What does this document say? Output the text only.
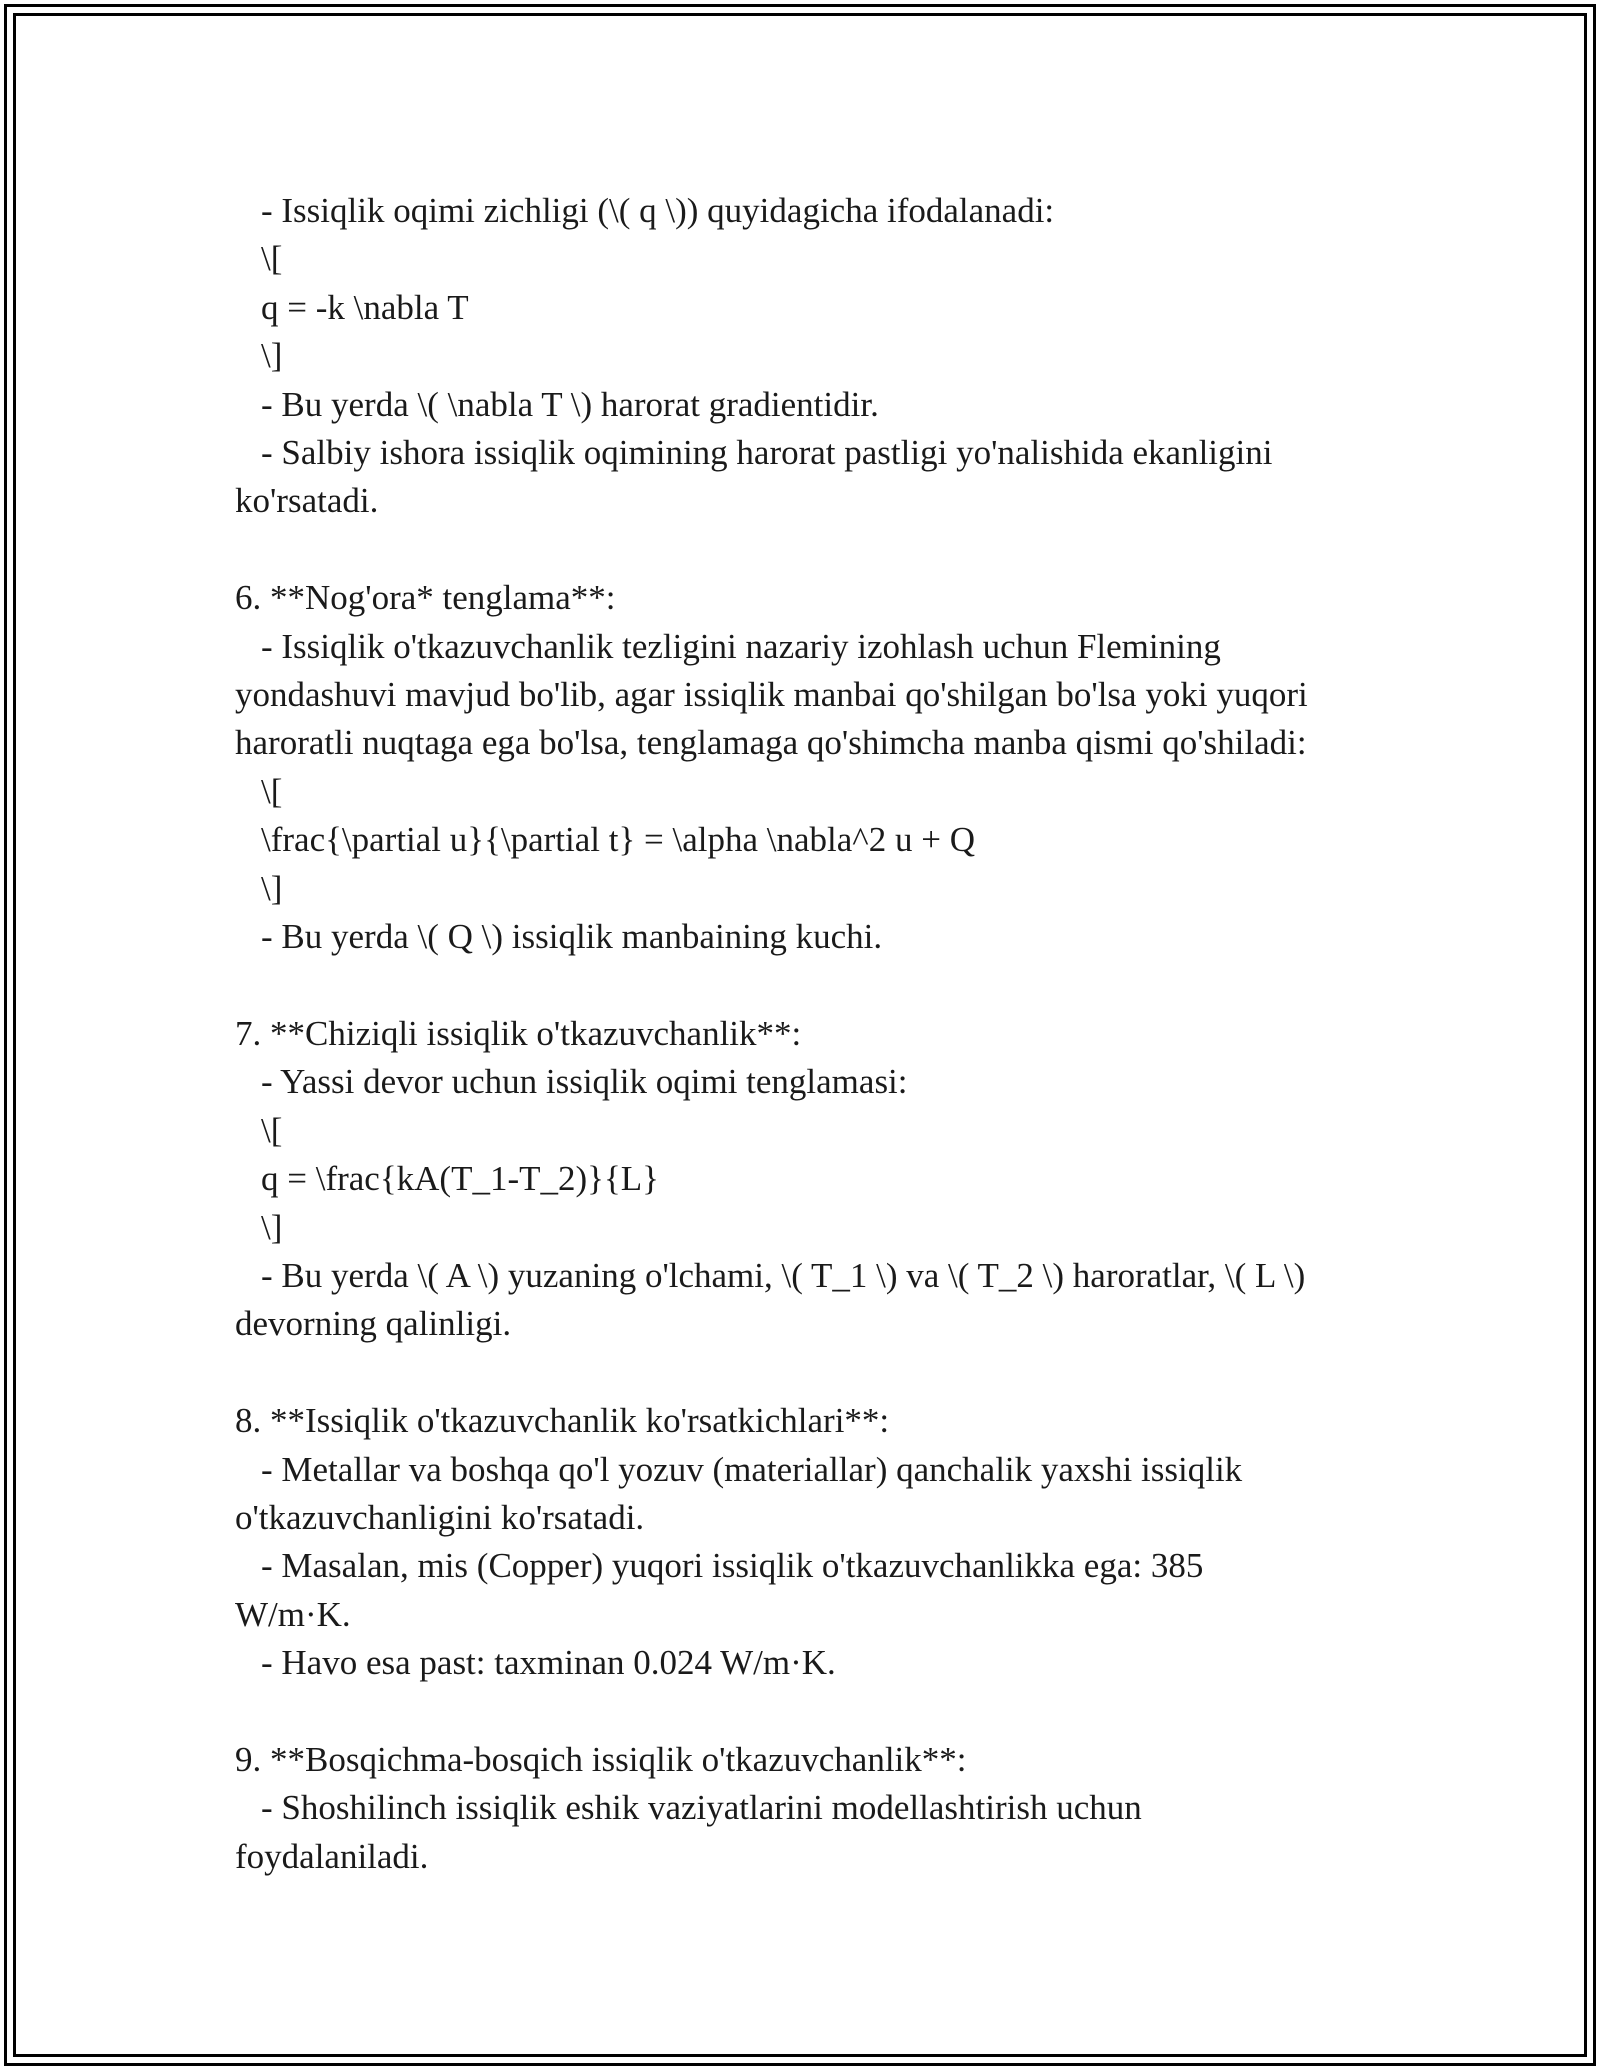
- Issiqlik oqimi zichligi (\( q \)) quyidagicha ifodalanadi:
\[
q = -k \nabla T
\]
- Bu yerda \( \nabla T \) harorat gradientidir.
- Salbiy ishora issiqlik oqimining harorat pastligi yo'nalishida ekanligini
ko'rsatadi.
6. **Nog'ora* tenglama**:
- Issiqlik o'tkazuvchanlik tezligini nazariy izohlash uchun Flemining
yondashuvi mavjud bo'lib, agar issiqlik manbai qo'shilgan bo'lsa yoki yuqori
haroratli nuqtaga ega bo'lsa, tenglamaga qo'shimcha manba qismi qo'shiladi:
\[
\frac{\partial u}{\partial t} = \alpha \nabla^2 u + Q
\]
- Bu yerda \( Q \) issiqlik manbaining kuchi.
7. **Chiziqli issiqlik o'tkazuvchanlik**:
- Yassi devor uchun issiqlik oqimi tenglamasi:
\[
q = \frac{kA(T_1-T_2)}{L}
\]
- Bu yerda \( A \) yuzaning o'lchami, \( T_1 \) va \( T_2 \) haroratlar, \( L \)
devorning qalinligi.
8. **Issiqlik o'tkazuvchanlik ko'rsatkichlari**:
- Metallar va boshqa qo'l yozuv (materiallar) qanchalik yaxshi issiqlik
o'tkazuvchanligini ko'rsatadi.
- Masalan, mis (Copper) yuqori issiqlik o'tkazuvchanlikka ega: 385
W/m·K.
- Havo esa past: taxminan 0.024 W/m·K.
9. **Bosqichma-bosqich issiqlik o'tkazuvchanlik**:
- Shoshilinch issiqlik eshik vaziyatlarini modellashtirish uchun
foydalaniladi.
